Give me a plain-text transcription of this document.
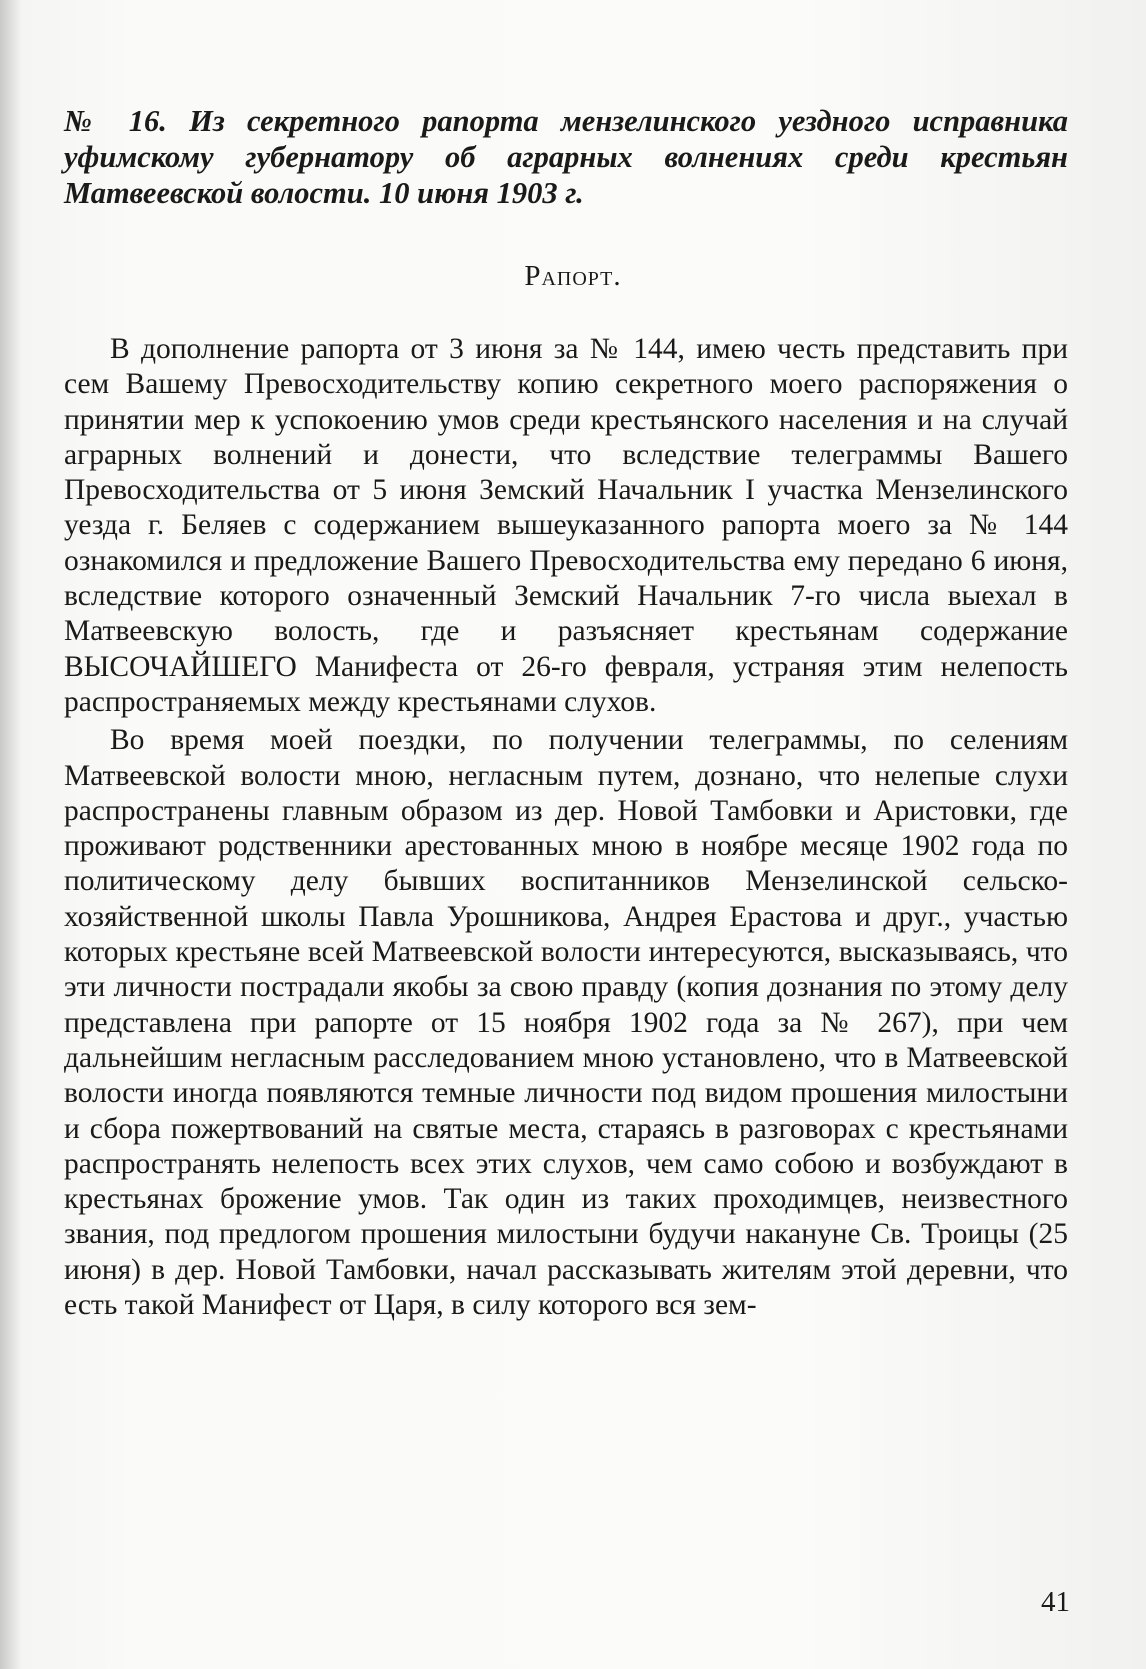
№ 16. Из секретного рапорта мензелинского уездного исправника уфимскому губернатору об аграрных волнениях среди крестьян Матвеевской волости. 10 июня 1903 г.
Рапорт.

В дополнение рапорта от 3 июня за № 144, имею честь представить при сем Вашему Превосходительству копию секретного моего распоряжения о принятии мер к успокоению умов среди крестьянского населения и на случай аграрных волнений и донести, что вследствие телеграммы Вашего Превосходительства от 5 июня Земский Начальник I участка Мензелинского уезда г. Беляев с содержанием вышеуказанного рапорта моего за № 144 ознакомился и предложение Вашего Превосходительства ему передано 6 июня, вследствие которого означенный Земский Начальник 7-го числа выехал в Матвеевскую волость, где и разъясняет крестьянам содержание ВЫСОЧАЙШЕГО Манифеста от 26-го февраля, устраняя этим нелепость распространяемых между крестьянами слухов.

Во время моей поездки, по получении телеграммы, по селениям Матвеевской волости мною, негласным путем, дознано, что нелепые слухи распространены главным образом из дер. Новой Тамбовки и Аристовки, где проживают родственники арестованных мною в ноябре месяце 1902 года по политическому делу бывших воспитанников Мензелинской сельско-хозяйственной школы Павла Урошникова, Андрея Ерастова и друг., участью которых крестьяне всей Матвеевской волости интересуются, высказываясь, что эти личности пострадали якобы за свою правду (копия дознания по этому делу представлена при рапорте от 15 ноября 1902 года за № 267), при чем дальнейшим негласным расследованием мною установлено, что в Матвеевской волости иногда появляются темные личности под видом прошения милостыни и сбора пожертвований на святые места, стараясь в разговорах с крестьянами распространять нелепость всех этих слухов, чем само собою и возбуждают в крестьянах брожение умов. Так один из таких проходимцев, неизвестного звания, под предлогом прошения милостыни будучи накануне Св. Троицы (25 июня) в дер. Новой Тамбовки, начал рассказывать жителям этой деревни, что есть такой Манифест от Царя, в силу которого вся зем-

41
